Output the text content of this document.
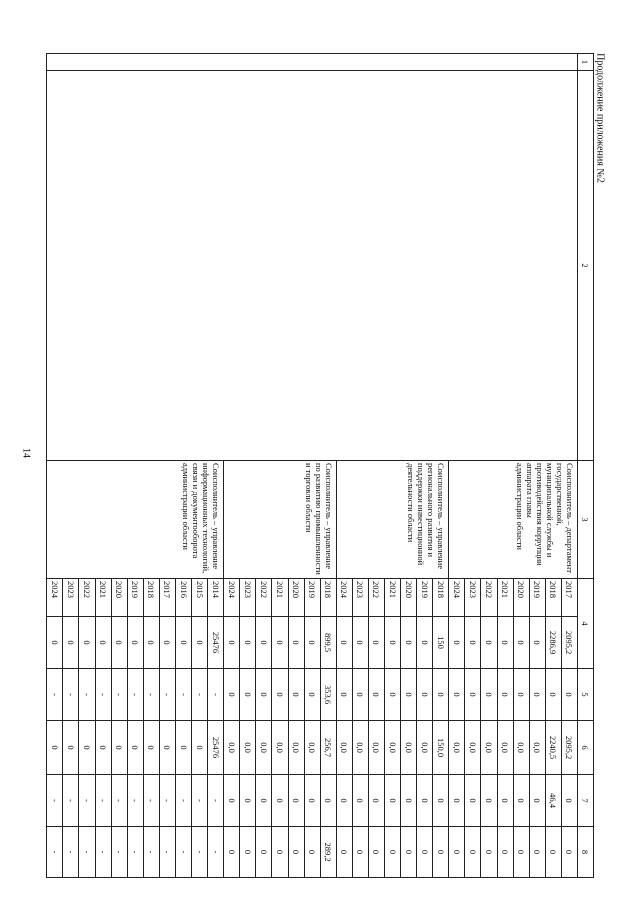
14
Продолжение приложения №2
1	2	3	4		5	6	7	8
		Соисполнитель – департамент государственной, муниципальной службы и противодействия коррупции аппарата главы администрации области	2017	2095,2	0	2095,2	0	0
			2018	2286,9	0	2240,5	46,4	0
			2019	0	0	0,0	0	0
			2020	0	0	0,0	0	0
			2021	0	0	0,0	0	0
			2022	0	0	0,0	0	0
			2023	0	0	0,0	0	0
			2024	0	0	0,0	0	0
		Соисполнитель – управление регионального развития и поддержки инвестиционной деятельности области	2018	150	0	150,0	0	0
			2019	0	0	0,0	0	0
			2020	0	0	0,0	0	0
			2021	0	0	0,0	0	0
			2022	0	0	0,0	0	0
			2023	0	0	0,0	0	0
			2024	0	0	0,0	0	0
		Соисполнитель – управление по развитию промышленности и торговли области	2018	899,5	353,6	256,7	0	289,2
			2019	0	0	0,0	0	0
			2020	0	0	0,0	0	0
			2021	0	0	0,0	0	0
			2022	0	0	0,0	0	0
			2023	0	0	0,0	0	0
			2024	0	0	0,0	0	0
		Соисполнитель – управление информационных технологий, связи и документооборота администрации области	2014	25476	-	25476	-	-
			2015	0	-	0	-	-
			2016	0	-	0	-	-
			2017	0	-	0	-	-
			2018	0	-	0	-	-
			2019	0	-	0	-	-
			2020	0	-	0	-	-
			2021	0	-	0	-	-
			2022	0	-	0	-	-
			2023	0	-	0	-	-
			2024	0	-	0	-	-
